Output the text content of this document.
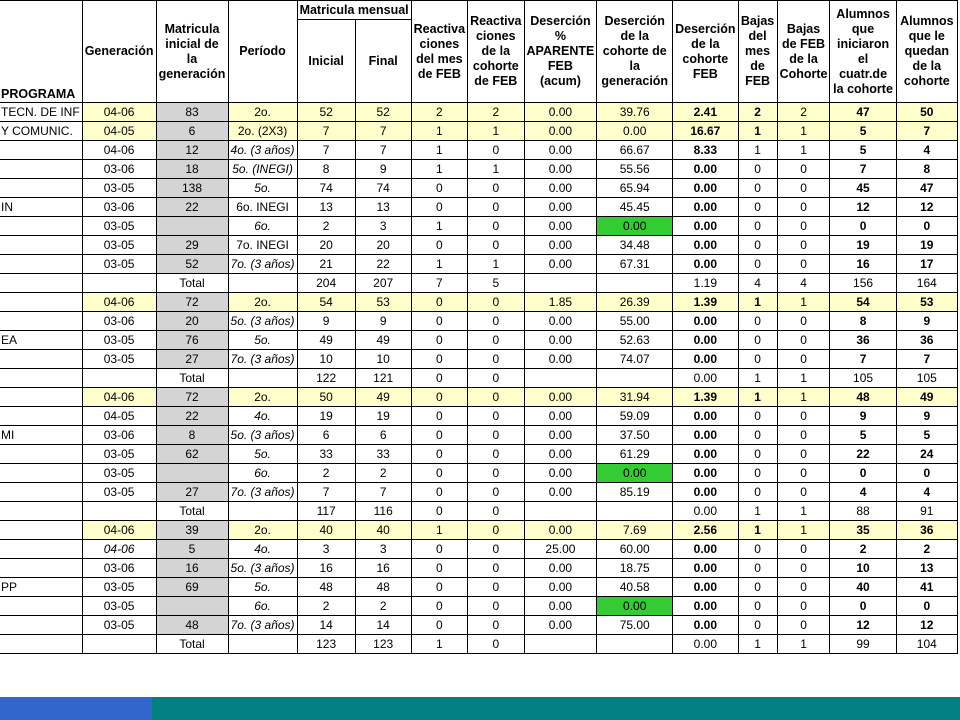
PROGRAMA	Generación	Matricula inicial de la generación	Período	Matricula mensual		Reactiva ciones del mes de FEB	Reactiva ciones de la cohorte de FEB	Deserción % APARENTE FEB (acum)	Deserción de la cohorte de la generación	Deserción de la cohorte FEB	Bajas del mes de FEB	Bajas de FEB de la Cohorte	Alumnos que iniciaron el cuatr.de la cohorte	Alumnos que le quedan de la cohorte
				Inicial	Final									
TECN. DE INF	04-06	83	2o.	52	52	2	2	0.00	39.76	2.41	2	2	47	50
Y COMUNIC.	04-05	6	2o. (2X3)	7	7	1	1	0.00	0.00	16.67	1	1	5	7
	04-06	12	4o. (3 años)	7	7	1	0	0.00	66.67	8.33	1	1	5	4
	03-06	18	5o. (INEGI)	8	9	1	1	0.00	55.56	0.00	0	0	7	8
	03-05	138	5o.	74	74	0	0	0.00	65.94	0.00	0	0	45	47
IN	03-06	22	6o. INEGI	13	13	0	0	0.00	45.45	0.00	0	0	12	12
	03-05		6o.	2	3	1	0	0.00	0.00	0.00	0	0	0	0
	03-05	29	7o. INEGI	20	20	0	0	0.00	34.48	0.00	0	0	19	19
	03-05	52	7o. (3 años)	21	22	1	1	0.00	67.31	0.00	0	0	16	17
		Total		204	207	7	5			1.19	4	4	156	164
	04-06	72	2o.	54	53	0	0	1.85	26.39	1.39	1	1	54	53
	03-06	20	5o. (3 años)	9	9	0	0	0.00	55.00	0.00	0	0	8	9
EA	03-05	76	5o.	49	49	0	0	0.00	52.63	0.00	0	0	36	36
	03-05	27	7o. (3 años)	10	10	0	0	0.00	74.07	0.00	0	0	7	7
		Total		122	121	0	0			0.00	1	1	105	105
	04-06	72	2o.	50	49	0	0	0.00	31.94	1.39	1	1	48	49
	04-05	22	4o.	19	19	0	0	0.00	59.09	0.00	0	0	9	9
MI	03-06	8	5o. (3 años)	6	6	0	0	0.00	37.50	0.00	0	0	5	5
	03-05	62	5o.	33	33	0	0	0.00	61.29	0.00	0	0	22	24
	03-05		6o.	2	2	0	0	0.00	0.00	0.00	0	0	0	0
	03-05	27	7o. (3 años)	7	7	0	0	0.00	85.19	0.00	0	0	4	4
		Total		117	116	0	0			0.00	1	1	88	91
	04-06	39	2o.	40	40	1	0	0.00	7.69	2.56	1	1	35	36
	04-06	5	4o.	3	3	0	0	25.00	60.00	0.00	0	0	2	2
	03-06	16	5o. (3 años)	16	16	0	0	0.00	18.75	0.00	0	0	10	13
PP	03-05	69	5o.	48	48	0	0	0.00	40.58	0.00	0	0	40	41
	03-05		6o.	2	2	0	0	0.00	0.00	0.00	0	0	0	0
	03-05	48	7o. (3 años)	14	14	0	0	0.00	75.00	0.00	0	0	12	12
		Total		123	123	1	0			0.00	1	1	99	104
